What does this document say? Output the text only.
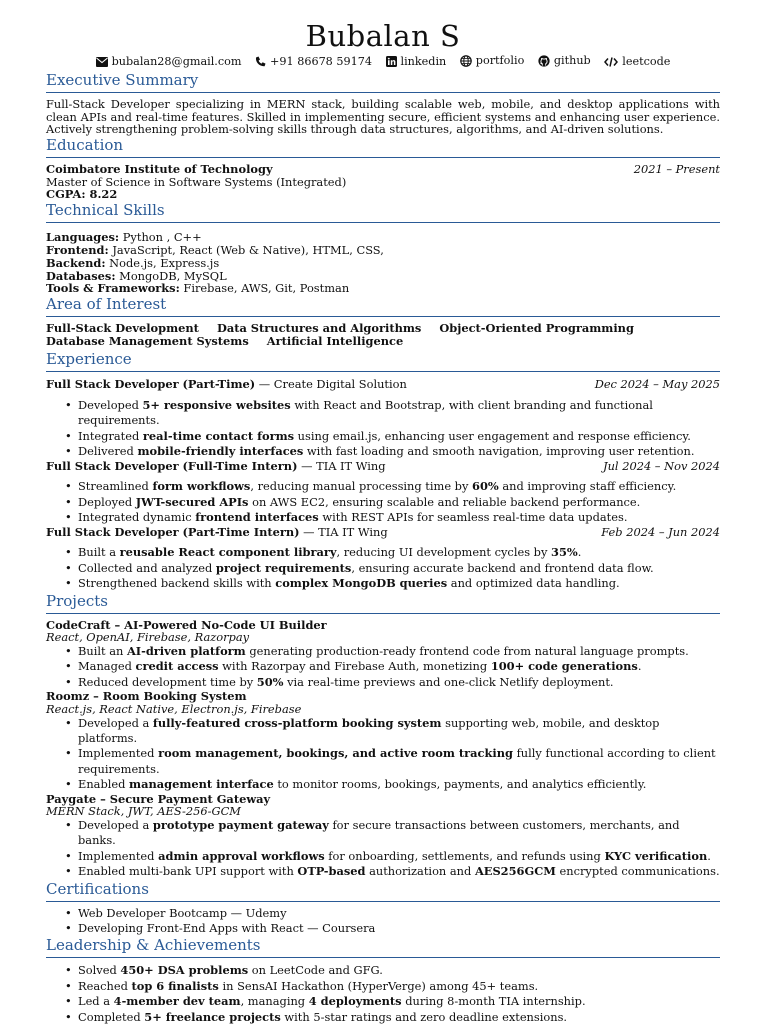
Bubalan S
bubalan28@gmail.com
	+91 86678 59174
	linkedin
	portfolio
	github
	leetcode
Executive Summary

Full-Stack Developer specializing in MERN stack, building scalable web, mobile, and desktop applications with clean APIs and real-time features. Skilled in implementing secure, efficient systems and enhancing user experience. Actively strengthening problem-solving skills through data structures, algorithms, and AI-driven solutions.

Education
Coimbatore Institute of Technology	2021 – Present
Master of Science in Software Systems (Integrated)
CGPA: 8.22
Technical Skills
Languages: Python , C++
Frontend: JavaScript, React (Web & Native), HTML, CSS,
Backend: Node.js, Express.js
Databases: MongoDB, MySQL
Tools & Frameworks: Firebase, AWS, Git, Postman
Area of Interest
Full-Stack Development Data Structures and Algorithms Object-Oriented Programming
Database Management Systems Artificial Intelligence
Experience
Full Stack Developer (Part-Time) — Create Digital Solution	Dec 2024 – May 2025
• Developed 5+ responsive websites with React and Bootstrap, with client branding and functional requirements.
• Integrated real-time contact forms using email.js, enhancing user engagement and response efficiency.
• Delivered mobile-friendly interfaces with fast loading and smooth navigation, improving user retention.
Full Stack Developer (Full-Time Intern) — TIA IT Wing	Jul 2024 – Nov 2024
• Streamlined form workflows, reducing manual processing time by 60% and improving staff efficiency.
• Deployed JWT-secured APIs on AWS EC2, ensuring scalable and reliable backend performance.
• Integrated dynamic frontend interfaces with REST APIs for seamless real-time data updates.
Full Stack Developer (Part-Time Intern) — TIA IT Wing	Feb 2024 – Jun 2024
• Built a reusable React component library, reducing UI development cycles by 35%.
• Collected and analyzed project requirements, ensuring accurate backend and frontend data flow.
• Strengthened backend skills with complex MongoDB queries and optimized data handling.
Projects
CodeCraft – AI-Powered No-Code UI Builder
React, OpenAI, Firebase, Razorpay
• Built an AI-driven platform generating production-ready frontend code from natural language prompts.
• Managed credit access with Razorpay and Firebase Auth, monetizing 100+ code generations.
• Reduced development time by 50% via real-time previews and one-click Netlify deployment.
Roomz – Room Booking System
React.js, React Native, Electron.js, Firebase
• Developed a fully-featured cross-platform booking system supporting web, mobile, and desktop platforms.
• Implemented room management, bookings, and active room tracking fully functional according to client requirements.
• Enabled management interface to monitor rooms, bookings, payments, and analytics efficiently.
Paygate – Secure Payment Gateway
MERN Stack, JWT, AES-256-GCM
• Developed a prototype payment gateway for secure transactions between customers, merchants, and banks.
• Implemented admin approval workflows for onboarding, settlements, and refunds using KYC verification.
• Enabled multi-bank UPI support with OTP-based authorization and AES256GCM encrypted communications.
Certifications
• Web Developer Bootcamp — Udemy
• Developing Front-End Apps with React — Coursera
Leadership & Achievements
• Solved 450+ DSA problems on LeetCode and GFG.
• Reached top 6 finalists in SensAI Hackathon (HyperVerge) among 45+ teams.
• Led a 4-member dev team, managing 4 deployments during 8-month TIA internship.
• Completed 5+ freelance projects with 5-star ratings and zero deadline extensions.
